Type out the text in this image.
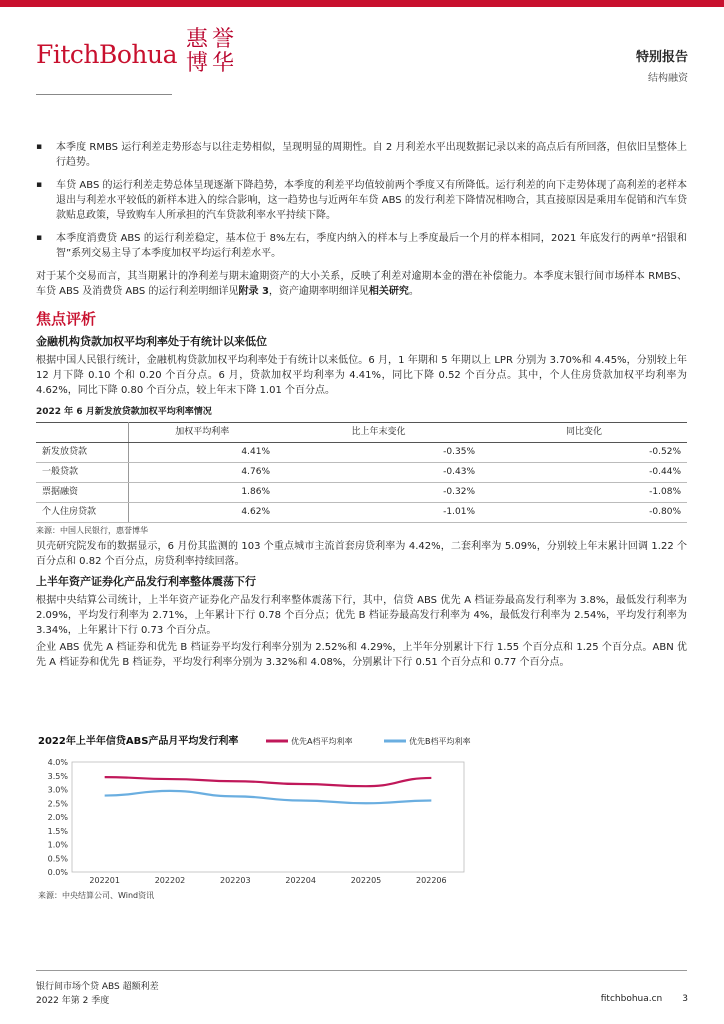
FitchBohua
惠誉博华	特别报告
结构融资
▪ 本季度 RMBS 运行利差走势形态与以往走势相似，呈现明显的周期性。自 2 月利差水平出现数据记录以来的高点后有所回落，但依旧呈整体上行趋势。
▪ 车贷 ABS 的运行利差走势总体呈现逐渐下降趋势，本季度的利差平均值较前两个季度又有所降低。运行利差的向下走势体现了高利差的老样本退出与利差水平较低的新样本进入的综合影响，这一趋势也与近两年车贷 ABS 的发行利差下降情况相吻合，其直接原因是乘用车促销和汽车贷款贴息政策，导致购车人所承担的汽车贷款利率水平持续下降。
▪ 本季度消费贷 ABS 的运行利差稳定，基本位于 8%左右，季度内纳入的样本与上季度最后一个月的样本相同，2021 年底发行的两单“招银和智”系列交易主导了本季度加权平均运行利差水平。

对于某个交易而言，其当期累计的净利差与期末逾期资产的大小关系，反映了利差对逾期本金的潜在补偿能力。本季度末银行间市场样本 RMBS、车贷 ABS 及消费贷 ABS 的运行利差明细详见附录 3，资产逾期率明细详见相关研究。

焦点评析
金融机构贷款加权平均利率处于有统计以来低位

根据中国人民银行统计，金融机构贷款加权平均利率处于有统计以来低位。6 月，1 年期和 5 年期以上 LPR 分别为 3.70%和 4.45%，分别较上年 12 月下降 0.10 个和 0.20 个百分点。6 月，贷款加权平均利率为 4.41%，同比下降 0.52 个百分点。其中，个人住房贷款加权平均利率为 4.62%，同比下降 0.80 个百分点，较上年末下降 1.01 个百分点。

2022 年 6 月新发放贷款加权平均利率情况
	加权平均利率	比上年末变化	同比变化
新发放贷款	4.41%	-0.35%	-0.52%
一般贷款	4.76%	-0.43%	-0.44%
票据融资	1.86%	-0.32%	-1.08%
个人住房贷款	4.62%	-1.01%	-0.80%
来源：中国人民银行，惠誉博华

贝壳研究院发布的数据显示，6 月份其监测的 103 个重点城市主流首套房贷利率为 4.42%，二套利率为 5.09%，分别较上年末累计回调 1.22 个百分点和 0.82 个百分点，房贷利率持续回落。

上半年资产证券化产品发行利率整体震荡下行

根据中央结算公司统计，上半年资产证券化产品发行利率整体震荡下行，其中，信贷 ABS 优先 A 档证券最高发行利率为 3.8%，最低发行利率为 2.09%，平均发行利率为 2.71%，上年累计下行 0.78 个百分点；优先 B 档证券最高发行利率为 4%，最低发行利率为 2.54%，平均发行利率为 3.34%，上年累计下行 0.73 个百分点。

企业 ABS 优先 A 档证券和优先 B 档证券平均发行利率分别为 2.52%和 4.29%，上半年分别累计下行 1.55 个百分点和 1.25 个百分点。ABN 优先 A 档证券和优先 B 档证券，平均发行利率分别为 3.32%和 4.08%，分别累计下行 0.51 个百分点和 0.77 个百分点。

2022年上半年信贷ABS产品月平均发行利率	优先A档平均利率	优先B档平均利率
0.0%
0.5%
1.0%
1.5%
2.0%
2.5%
3.0%
3.5%
4.0%
202201	202202	202203	202204	202205	202206
来源：中央结算公司、Wind资讯
银行间市场个贷 ABS 超额利差
2022 年第 2 季度	fitchbohua.cn 3
